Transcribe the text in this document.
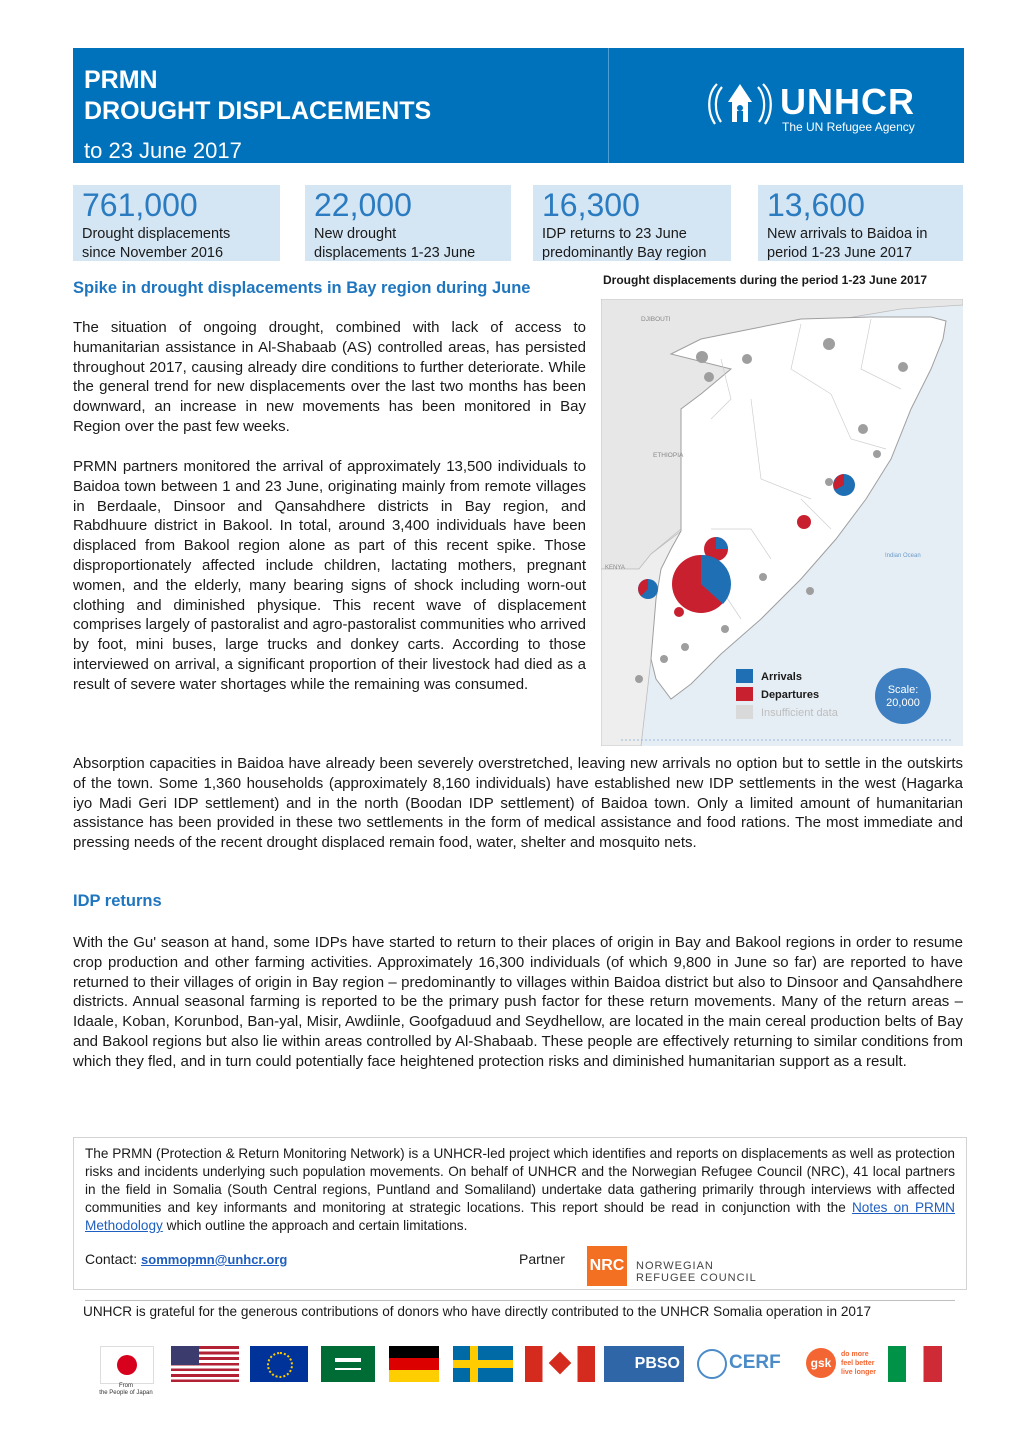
PRMN
DROUGHT DISPLACEMENTS
to 23 June 2017
UNHCR
The UN Refugee Agency
761,000
Drought displacements
since November 2016
22,000
New drought
displacements 1-23 June
16,300
IDP returns to 23 June
predominantly Bay region
13,600
New arrivals to Baidoa in
period 1-23 June 2017
Spike in drought displacements in Bay region during June
The situation of ongoing drought, combined with lack of access to humanitarian assistance in Al-Shabaab (AS) controlled areas, has persisted throughout 2017, causing already dire conditions to further deteriorate. While the general trend for new displacements over the last two months has been downward, an increase in new movements has been monitored in Bay Region over the past few weeks.
PRMN partners monitored the arrival of approximately 13,500 individuals to Baidoa town between 1 and 23 June, originating mainly from remote villages in Berdaale, Dinsoor and Qansahdhere districts in Bay region, and Rabdhuure district in Bakool. In total, around 3,400 individuals have been displaced from Bakool region alone as part of this recent spike. Those disproportionately affected include children, lactating mothers, pregnant women, and the elderly, many bearing signs of shock including worn-out clothing and diminished physique. This recent wave of displacement comprises largely of pastoralist and agro-pastoralist communities who arrived by foot, mini buses, large trucks and donkey carts. According to those interviewed on arrival, a significant proportion of their livestock had died as a result of severe water shortages while the remaining was consumed.
Drought displacements during the period 1-23 June 2017
DJIBOUTI
ETHIOPIA
KENYA
Indian Ocean
Arrivals
Departures
Insufficient data
Scale:
20,000
Absorption capacities in Baidoa have already been severely overstretched, leaving new arrivals no option but to settle in the outskirts of the town. Some 1,360 households (approximately 8,160 individuals) have established new IDP settlements in the west (Hagarka iyo Madi Geri IDP settlement) and in the north (Boodan IDP settlement) of Baidoa town. Only a limited amount of humanitarian assistance has been provided in these two settlements in the form of medical assistance and food rations. The most immediate and pressing needs of the recent drought displaced remain food, water, shelter and mosquito nets.
IDP returns
With the Gu' season at hand, some IDPs have started to return to their places of origin in Bay and Bakool regions in order to resume crop production and other farming activities. Approximately 16,300 individuals (of which 9,800 in June so far) are reported to have returned to their villages of origin in Bay region – predominantly to villages within Baidoa district but also to Dinsoor and Qansahdhere districts. Annual seasonal farming is reported to be the primary push factor for these return movements. Many of the return areas – Idaale, Koban, Korunbod, Ban-yal, Misir, Awdiinle, Goofgaduud and Seydhellow, are located in the main cereal production belts of Bay and Bakool regions but also lie within areas controlled by Al-Shabaab. These people are effectively returning to similar conditions from which they fled, and in turn could potentially face heightened protection risks and diminished humanitarian support as a result.
The PRMN (Protection & Return Monitoring Network) is a UNHCR-led project which identifies and reports on displacements as well as protection risks and incidents underlying such population movements. On behalf of UNHCR and the Norwegian Refugee Council (NRC), 41 local partners in the field in Somalia (South Central regions, Puntland and Somaliland) undertake data gathering primarily through interviews with affected communities and key informants and monitoring at strategic locations. This report should be read in conjunction with the Notes on PRMN Methodology which outline the approach and certain limitations.
Contact: sommopmn@unhcr.org	Partner NRC NORWEGIAN
REFUGEE COUNCIL
UNHCR is grateful for the generous contributions of donors who have directly contributed to the UNHCR Somalia operation in 2017
From
the People of Japan
PBSO	CERF	gsk
do more
feel better
live longer
